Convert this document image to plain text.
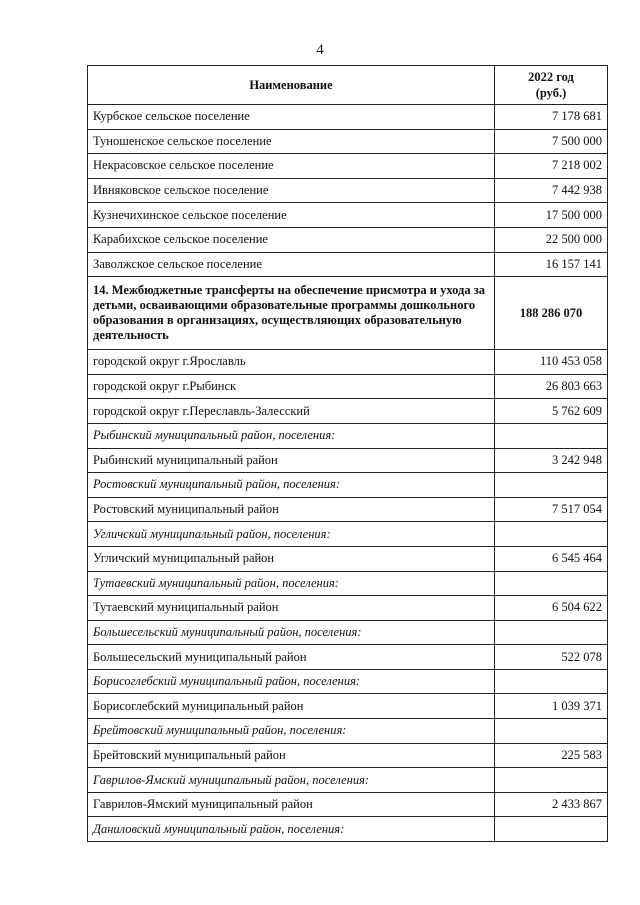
4
Наименование	2022 год
(руб.)
Курбское сельское поселение	7 178 681
Туношенское сельское поселение	7 500 000
Некрасовское сельское поселение	7 218 002
Ивняковское сельское поселение	7 442 938
Кузнечихинское сельское поселение	17 500 000
Карабихское сельское поселение	22 500 000
Заволжское сельское поселение	16 157 141
14. Межбюджетные трансферты на обеспечение присмотра и ухода за детьми, осваивающими образовательные программы дошкольного образования в организациях, осуществляющих образовательную деятельность	188 286 070
городской округ г.Ярославль	110 453 058
городской округ г.Рыбинск	26 803 663
городской округ г.Переславль-Залесский	5 762 609
Рыбинский муниципальный район, поселения:	
Рыбинский муниципальный район	3 242 948
Ростовский муниципальный район, поселения:	
Ростовский муниципальный район	7 517 054
Угличский муниципальный район, поселения:	
Угличский муниципальный район	6 545 464
Тутаевский муниципальный район, поселения:	
Тутаевский муниципальный район	6 504 622
Большесельский муниципальный район, поселения:	
Большесельский муниципальный район	522 078
Борисоглебский муниципальный район, поселения:	
Борисоглебский муниципальный район	1 039 371
Брейтовский муниципальный район, поселения:	
Брейтовский муниципальный район	225 583
Гаврилов-Ямский муниципальный район, поселения:	
Гаврилов-Ямский муниципальный район	2 433 867
Даниловский муниципальный район, поселения:	
